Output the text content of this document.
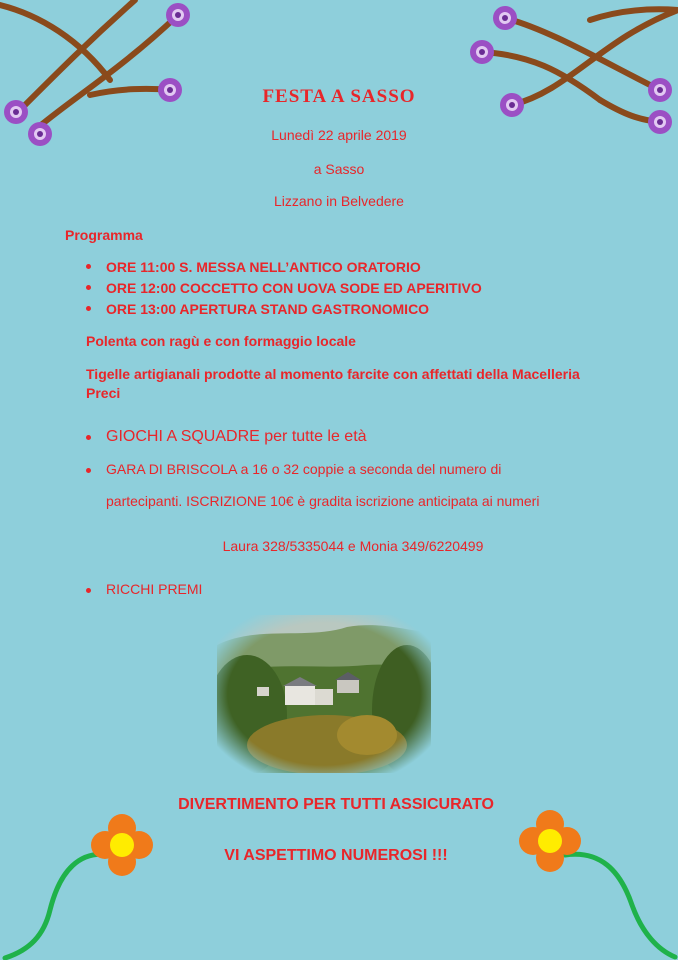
FESTA A SASSO
Lunedì 22 aprile 2019
a Sasso
Lizzano in Belvedere
Programma
ORE 11:00 S. MESSA NELL’ANTICO ORATORIO
ORE 12:00 COCCETTO CON UOVA SODE ED APERITIVO
ORE 13:00 APERTURA STAND GASTRONOMICO
Polenta con ragù e con formaggio locale
Tigelle artigianali prodotte al momento farcite con affettati della Macelleria Preci
GIOCHI A SQUADRE per tutte le età
GARA DI BRISCOLA a 16 o 32 coppie a seconda del numero di
partecipanti. ISCRIZIONE 10€ è gradita iscrizione anticipata ai numeri
Laura 328/5335044 e Monia 349/6220499
RICCHI PREMI
DIVERTIMENTO PER TUTTI ASSICURATO
VI ASPETTIMO NUMEROSI !!!
